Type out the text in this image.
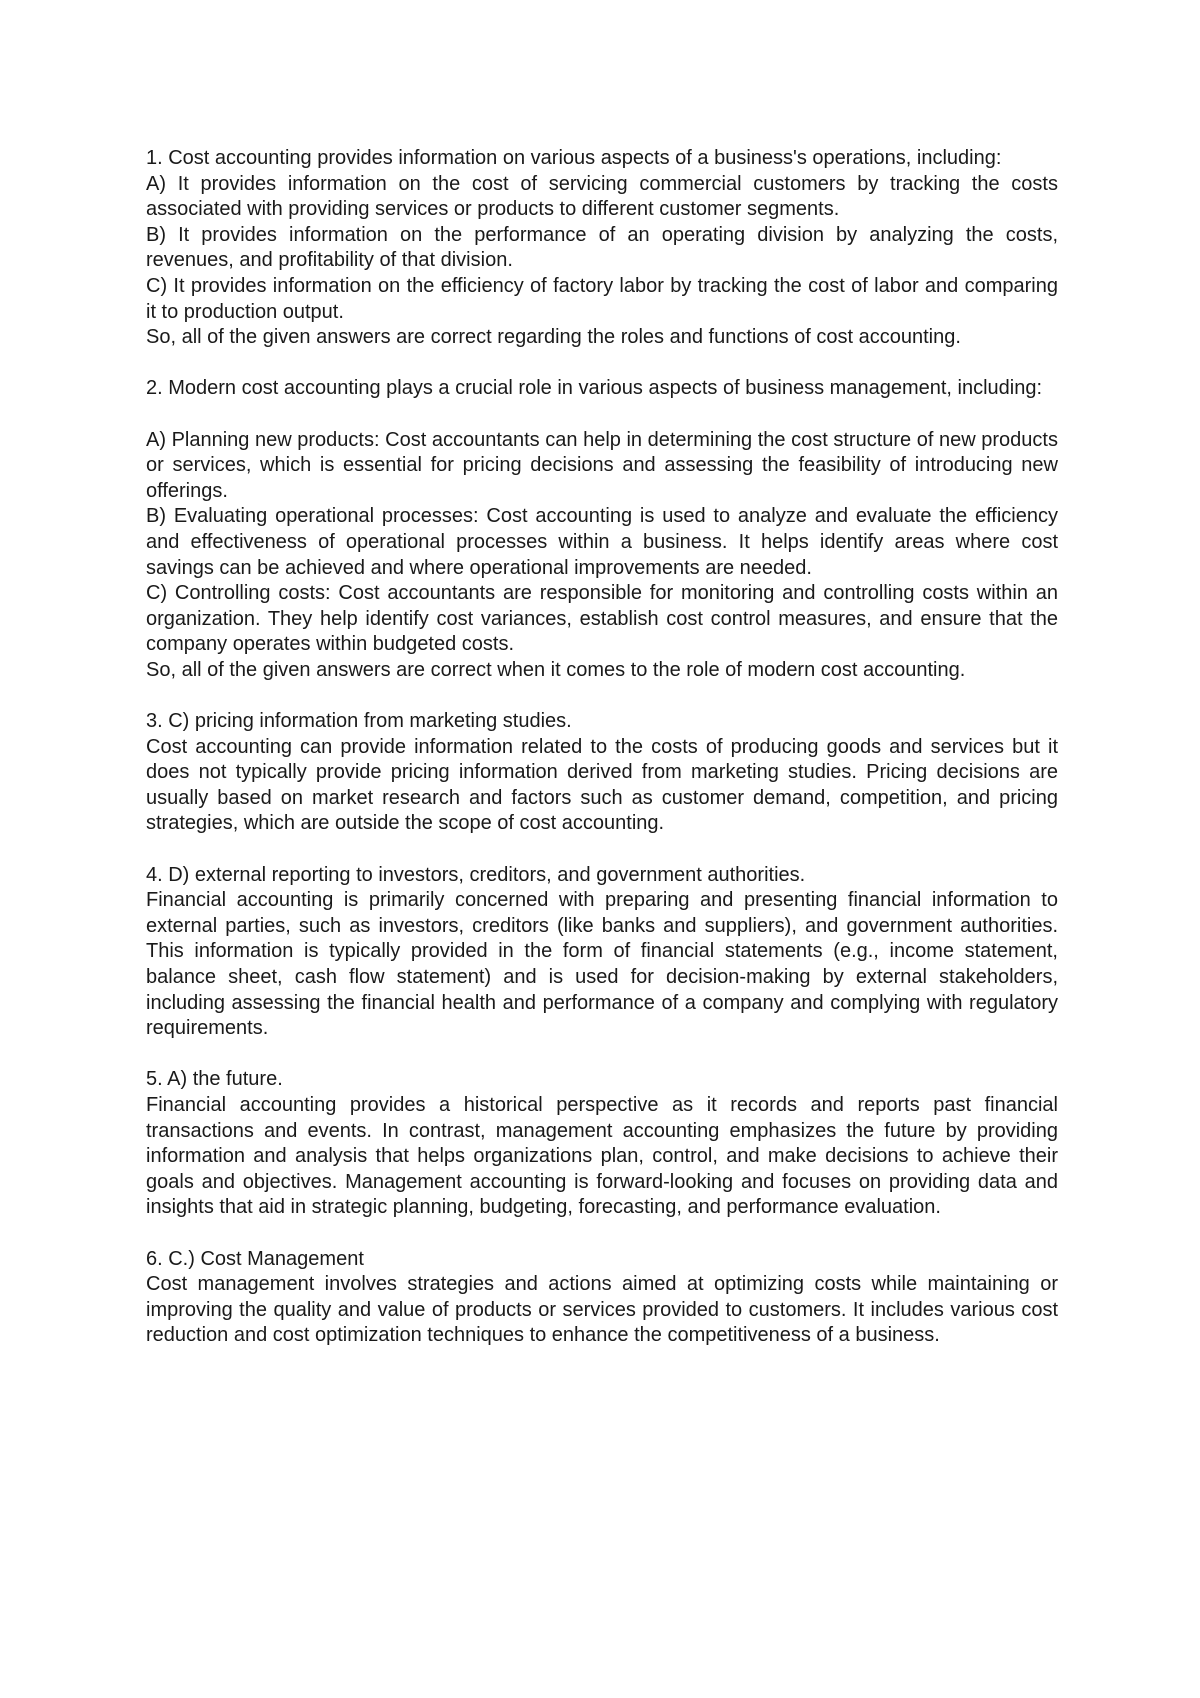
1. Cost accounting provides information on various aspects of a business's operations, including:

A) It provides information on the cost of servicing commercial customers by tracking the costs associated with providing services or products to different customer segments.

B) It provides information on the performance of an operating division by analyzing the costs, revenues, and profitability of that division.

C) It provides information on the efficiency of factory labor by tracking the cost of labor and comparing it to production output.

So, all of the given answers are correct regarding the roles and functions of cost accounting.

2. Modern cost accounting plays a crucial role in various aspects of business management, including:

A) Planning new products: Cost accountants can help in determining the cost structure of new products or services, which is essential for pricing decisions and assessing the feasibility of introducing new offerings.

B) Evaluating operational processes: Cost accounting is used to analyze and evaluate the efficiency and effectiveness of operational processes within a business. It helps identify areas where cost savings can be achieved and where operational improvements are needed.

C) Controlling costs: Cost accountants are responsible for monitoring and controlling costs within an organization. They help identify cost variances, establish cost control measures, and ensure that the company operates within budgeted costs.

So, all of the given answers are correct when it comes to the role of modern cost accounting.

3. C) pricing information from marketing studies.

Cost accounting can provide information related to the costs of producing goods and services but it does not typically provide pricing information derived from marketing studies. Pricing decisions are usually based on market research and factors such as customer demand, competition, and pricing strategies, which are outside the scope of cost accounting.

4. D) external reporting to investors, creditors, and government authorities.

Financial accounting is primarily concerned with preparing and presenting financial information to external parties, such as investors, creditors (like banks and suppliers), and government authorities. This information is typically provided in the form of financial statements (e.g., income statement, balance sheet, cash flow statement) and is used for decision-making by external stakeholders, including assessing the financial health and performance of a company and complying with regulatory requirements.

5. A) the future.

Financial accounting provides a historical perspective as it records and reports past financial transactions and events. In contrast, management accounting emphasizes the future by providing information and analysis that helps organizations plan, control, and make decisions to achieve their goals and objectives. Management accounting is forward-looking and focuses on providing data and insights that aid in strategic planning, budgeting, forecasting, and performance evaluation.

6. C.) Cost Management

Cost management involves strategies and actions aimed at optimizing costs while maintaining or improving the quality and value of products or services provided to customers. It includes various cost reduction and cost optimization techniques to enhance the competitiveness of a business.
